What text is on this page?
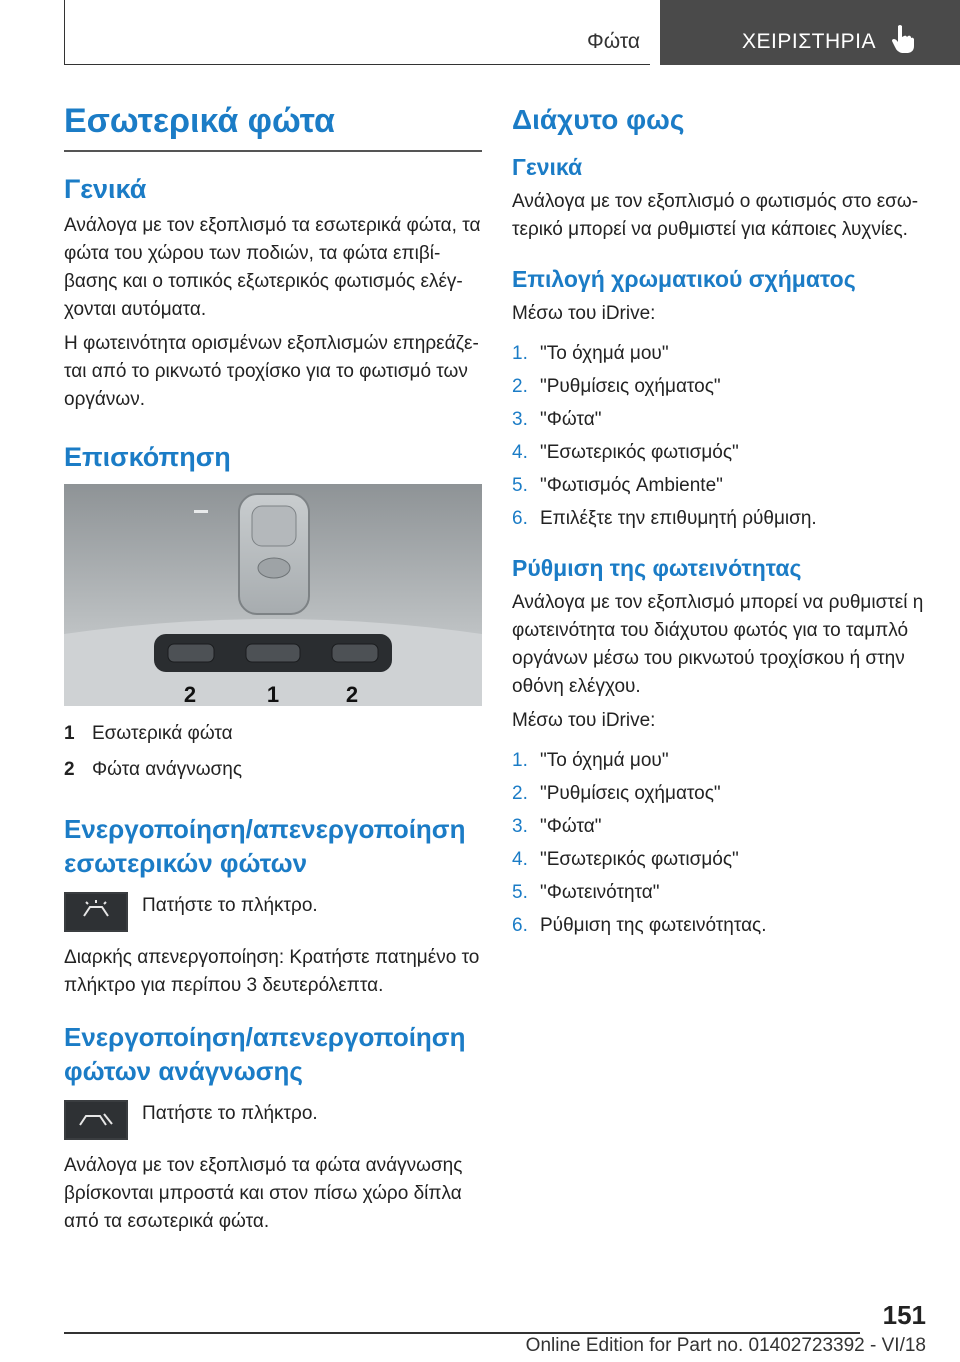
Φώτα	ΧΕΙΡΙΣΤΗΡΙΑ
Εσωτερικά φώτα
Γενικά

Ανάλογα με τον εξοπλισμό τα εσωτερικά φώτα, τα φώτα του χώρου των ποδιών, τα φώτα επιβί- βασης και ο τοπικός εξωτερικός φωτισμός ελέγ- χονται αυτόματα.

Η φωτεινότητα ορισμένων εξοπλισμών επηρεάζε- ται από το ρικνωτό τροχίσκο για το φωτισμό των οργάνων.

Επισκόπηση
2	1	2
1 Εσωτερικά φώτα
2 Φώτα ανάγνωσης
Ενεργοποίηση/απενεργοποίηση εσωτερικών φώτων
Πατήστε το πλήκτρο.

Διαρκής απενεργοποίηση: Κρατήστε πατημένο το πλήκτρο για περίπου 3 δευτερόλεπτα.

Ενεργοποίηση/απενεργοποίηση φώτων ανάγνωσης
Πατήστε το πλήκτρο.

Ανάλογα με τον εξοπλισμό τα φώτα ανάγνωσης βρίσκονται μπροστά και στον πίσω χώρο δίπλα από τα εσωτερικά φώτα.

Διάχυτο φως
Γενικά

Ανάλογα με τον εξοπλισμό ο φωτισμός στο εσω- τερικό μπορεί να ρυθμιστεί για κάποιες λυχνίες.

Επιλογή χρωματικού σχήματος

Μέσω του iDrive:

1. "Το όχημά μου"
2. "Ρυθμίσεις οχήματος"
3. "Φώτα"
4. "Εσωτερικός φωτισμός"
5. "Φωτισμός Ambiente"
6. Επιλέξτε την επιθυμητή ρύθμιση.
Ρύθμιση της φωτεινότητας

Ανάλογα με τον εξοπλισμό μπορεί να ρυθμιστεί η φωτεινότητα του διάχυτου φωτός για το ταμπλό οργάνων μέσω του ρικνωτού τροχίσκου ή στην οθόνη ελέγχου.

Μέσω του iDrive:

1. "Το όχημά μου"
2. "Ρυθμίσεις οχήματος"
3. "Φώτα"
4. "Εσωτερικός φωτισμός"
5. "Φωτεινότητα"
6. Ρύθμιση της φωτεινότητας.
151
Online Edition for Part no. 01402723392 - VI/18
